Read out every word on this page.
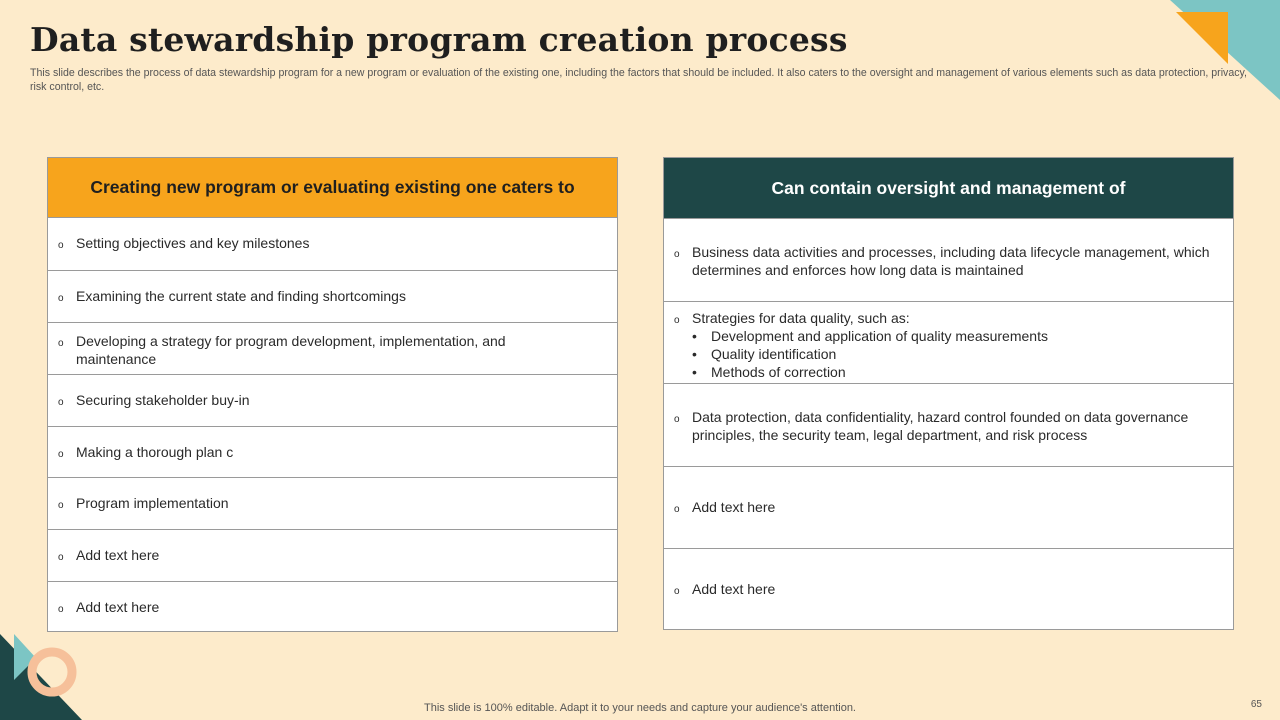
Data stewardship program creation process

This slide describes the process of data stewardship program for a new program or evaluation of the existing one, including the factors that should be included. It also caters to the oversight and management of various elements such as data protection, privacy, risk control, etc.

Creating new program or evaluating existing one caters to
o Setting objectives and key milestones
o Examining the current state and finding shortcomings
o Developing a strategy for program development, implementation, and maintenance
o Securing stakeholder buy-in
o Making a thorough plan c
o Program implementation
o Add text here
o Add text here
Can contain oversight and management of
o Business data activities and processes, including data lifecycle management, which determines and enforces how long data is maintained
o Strategies for data quality, such as:
•	Development and application of quality measurements
•	Quality identification
•	Methods of correction
o Data protection, data confidentiality, hazard control founded on data governance principles, the security team, legal department, and risk process
o Add text here
o Add text here
This slide is 100% editable. Adapt it to your needs and capture your audience's attention.	65
